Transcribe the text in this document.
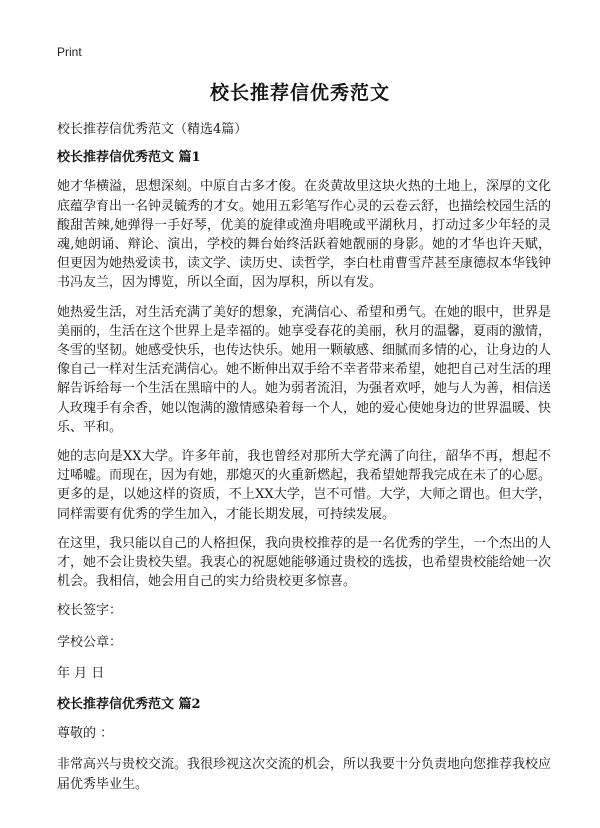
Print
校长推荐信优秀范文
校长推荐信优秀范文（精选4篇）
校长推荐信优秀范文 篇1
她才华横溢，思想深刻。中原自古多才俊。在炎黄故里这块火热的土地上，深厚的文化底蕴孕育出一名钟灵毓秀的才女。她用五彩笔写作心灵的云卷云舒，也描绘校园生活的酸甜苦辣,她弹得一手好琴，优美的旋律或渔舟唱晚或平湖秋月，打动过多少年轻的灵魂,她朗诵、辩论、演出，学校的舞台始终活跃着她靓丽的身影。她的才华也许天赋，但更因为她热爱读书，读文学、读历史、读哲学，李白杜甫曹雪芹甚至康德叔本华钱钟书冯友兰，因为博览，所以全面，因为厚积，所以有发。
她热爱生活，对生活充满了美好的想象，充满信心、希望和勇气。在她的眼中，世界是美丽的，生活在这个世界上是幸福的。她享受春花的美丽，秋月的温馨，夏雨的激情，冬雪的坚韧。她感受快乐，也传达快乐。她用一颗敏感、细腻而多情的心，让身边的人像自己一样对生活充满信心。她不断伸出双手给不幸者带来希望，她把自己对生活的理解告诉给每一个生活在黑暗中的人。她为弱者流泪，为强者欢呼，她与人为善，相信送人玫瑰手有余香，她以饱满的激情感染着每一个人，她的爱心使她身边的世界温暖、快乐、平和。
她的志向是XX大学。许多年前，我也曾经对那所大学充满了向往，韶华不再，想起不过唏嘘。而现在，因为有她，那熄灭的火重新燃起，我希望她帮我完成在未了的心愿。更多的是，以她这样的资质，不上XX大学，岂不可惜。大学，大师之谓也。但大学，同样需要有优秀的学生加入，才能长期发展，可持续发展。
在这里，我只能以自己的人格担保，我向贵校推荐的是一名优秀的学生，一个杰出的人才，她不会让贵校失望。我衷心的祝愿她能够通过贵校的选拔，也希望贵校能给她一次机会。我相信，她会用自己的实力给贵校更多惊喜。
校长签字：
学校公章：
年 月 日
校长推荐信优秀范文 篇2
尊敬的 ：
非常高兴与贵校交流。我很珍视这次交流的机会，所以我要十分负责地向您推荐我校应届优秀毕业生。
